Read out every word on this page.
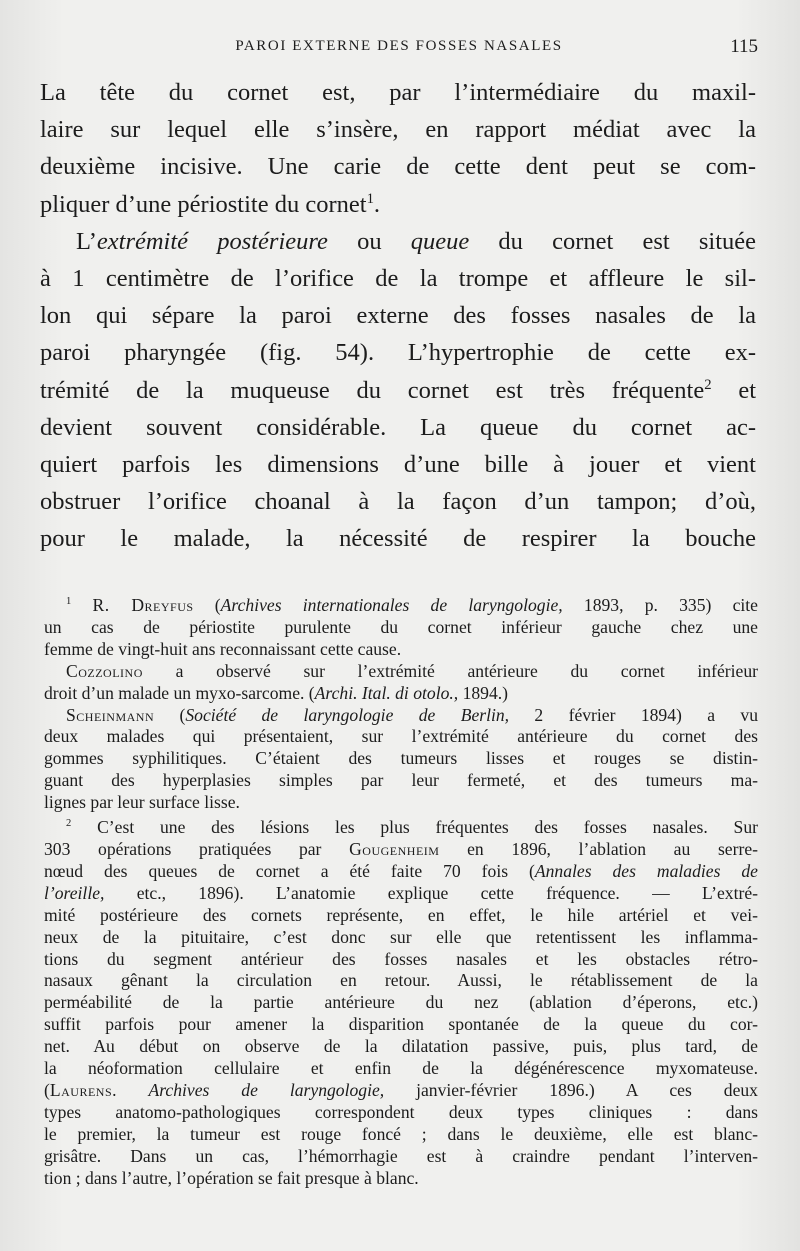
PAROI EXTERNE DES FOSSES NASALES	115
La tête du cornet est, par l’intermédiaire du maxil-
laire sur lequel elle s’insère, en rapport médiat avec la
deuxième incisive. Une carie de cette dent peut se com-
pliquer d’une périostite du cornet$^1$.
L’extrémité postérieure ou queue du cornet est située
à 1 centimètre de l’orifice de la trompe et affleure le sil-
lon qui sépare la paroi externe des fosses nasales de la
paroi pharyngée (fig. 54). L’hypertrophie de cette ex-
trémité de la muqueuse du cornet est très fréquente$^2$ et
devient souvent considérable. La queue du cornet ac-
quiert parfois les dimensions d’une bille à jouer et vient
obstruer l’orifice choanal à la façon d’un tampon; d’où,
pour le malade, la nécessité de respirer la bouche
$^1$ R. Dreyfus (Archives internationales de laryngologie, 1893, p. 335) cite
un cas de périostite purulente du cornet inférieur gauche chez une
femme de vingt-huit ans reconnaissant cette cause.
Cozzolino a observé sur l’extrémité antérieure du cornet inférieur
droit d’un malade un myxo-sarcome. (Archi. Ital. di otolo., 1894.)
Scheinmann (Société de laryngologie de Berlin, 2 février 1894) a vu
deux malades qui présentaient, sur l’extrémité antérieure du cornet des
gommes syphilitiques. C’étaient des tumeurs lisses et rouges se distin-
guant des hyperplasies simples par leur fermeté, et des tumeurs ma-
lignes par leur surface lisse.
$^2$ C’est une des lésions les plus fréquentes des fosses nasales. Sur
303 opérations pratiquées par Gougenheim en 1896, l’ablation au serre-
nœud des queues de cornet a été faite 70 fois (Annales des maladies de
l’oreille, etc., 1896). L’anatomie explique cette fréquence. — L’extré-
mité postérieure des cornets représente, en effet, le hile artériel et vei-
neux de la pituitaire, c’est donc sur elle que retentissent les inflamma-
tions du segment antérieur des fosses nasales et les obstacles rétro-
nasaux gênant la circulation en retour. Aussi, le rétablissement de la
perméabilité de la partie antérieure du nez (ablation d’éperons, etc.)
suffit parfois pour amener la disparition spontanée de la queue du cor-
net. Au début on observe de la dilatation passive, puis, plus tard, de
la néoformation cellulaire et enfin de la dégénérescence myxomateuse.
(Laurens. Archives de laryngologie, janvier-février 1896.) A ces deux
types anatomo-pathologiques correspondent deux types cliniques : dans
le premier, la tumeur est rouge foncé ; dans le deuxième, elle est blanc-
grisâtre. Dans un cas, l’hémorrhagie est à craindre pendant l’interven-
tion ; dans l’autre, l’opération se fait presque à blanc.
